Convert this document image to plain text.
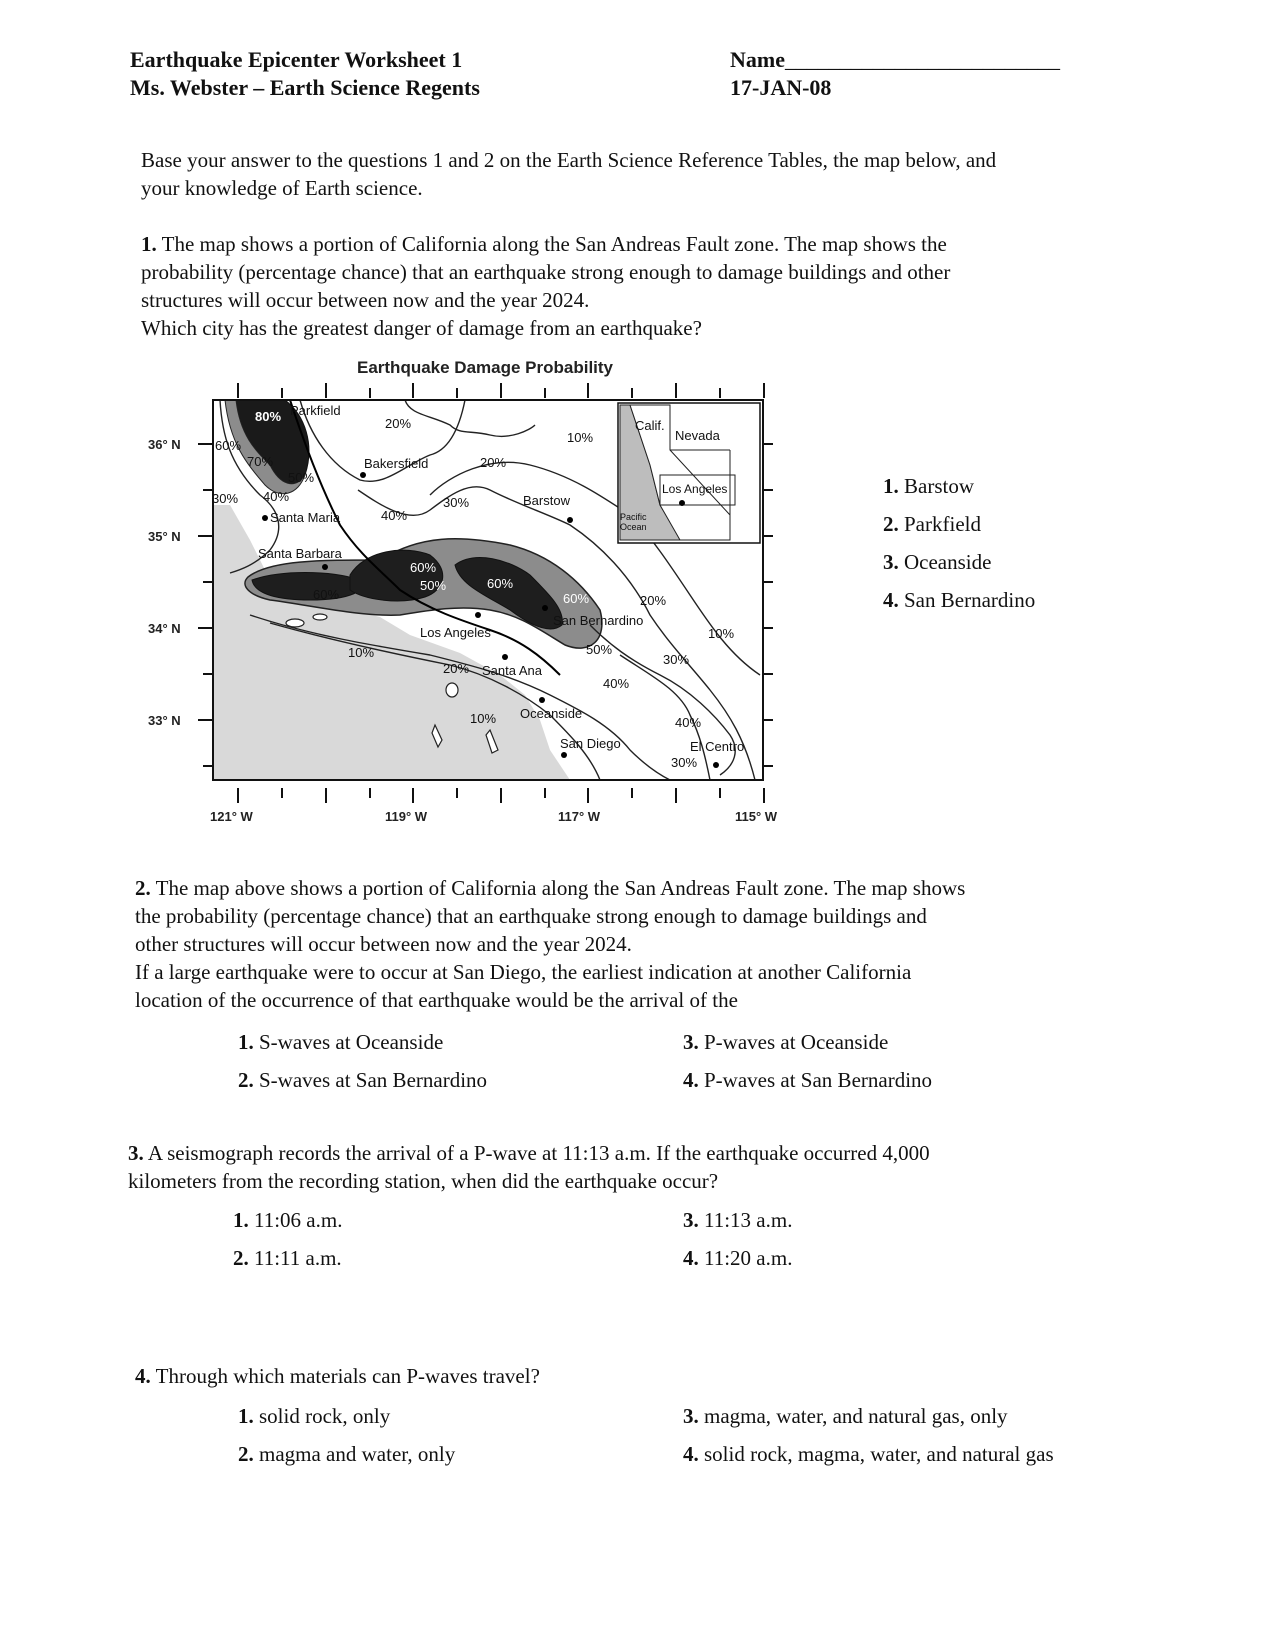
Earthquake Epicenter Worksheet 1
Ms. Webster – Earth Science Regents
Name_________________________
17-JAN-08
Base your answer to the questions 1 and 2 on the Earth Science Reference Tables, the map below, and
your knowledge of Earth science.
1. The map shows a portion of California along the San Andreas Fault zone. The map shows the
probability (percentage chance) that an earthquake strong enough to damage buildings and other
structures will occur between now and the year 2024.
Which city has the greatest danger of damage from an earthquake?
Earthquake Damage Probability
Calif.
Nevada
Los Angeles
Pacific
Ocean
36° N
35° N
34° N
33° N
121° W	119° W	117° W	115° W
Parkfield
Bakersfield
Barstow
Santa Maria
Santa Barbara
Los Angeles
San Bernardino
Santa Ana
Oceanside
San Diego	El Centro
80%
60%
70%
50%
30% 40%
20%
40%
30%
20%
10%
60%
60%
50%	60%
60%	20%
10%
50%
30%
40%
10%
20%
10%	40%
30%
1. Barstow
2. Parkfield
3. Oceanside
4. San Bernardino
2. The map above shows a portion of California along the San Andreas Fault zone. The map shows
the probability (percentage chance) that an earthquake strong enough to damage buildings and
other structures will occur between now and the year 2024.
If a large earthquake were to occur at San Diego, the earliest indication at another California
location of the occurrence of that earthquake would be the arrival of the
1. S-waves at Oceanside
2. S-waves at San Bernardino
3. P-waves at Oceanside
4. P-waves at San Bernardino
3. A seismograph records the arrival of a P-wave at 11:13 a.m. If the earthquake occurred 4,000
kilometers from the recording station, when did the earthquake occur?
1. 11:06 a.m.
2. 11:11 a.m.
3. 11:13 a.m.
4. 11:20 a.m.
4. Through which materials can P-waves travel?
1. solid rock, only
2. magma and water, only
3. magma, water, and natural gas, only
4. solid rock, magma, water, and natural gas
